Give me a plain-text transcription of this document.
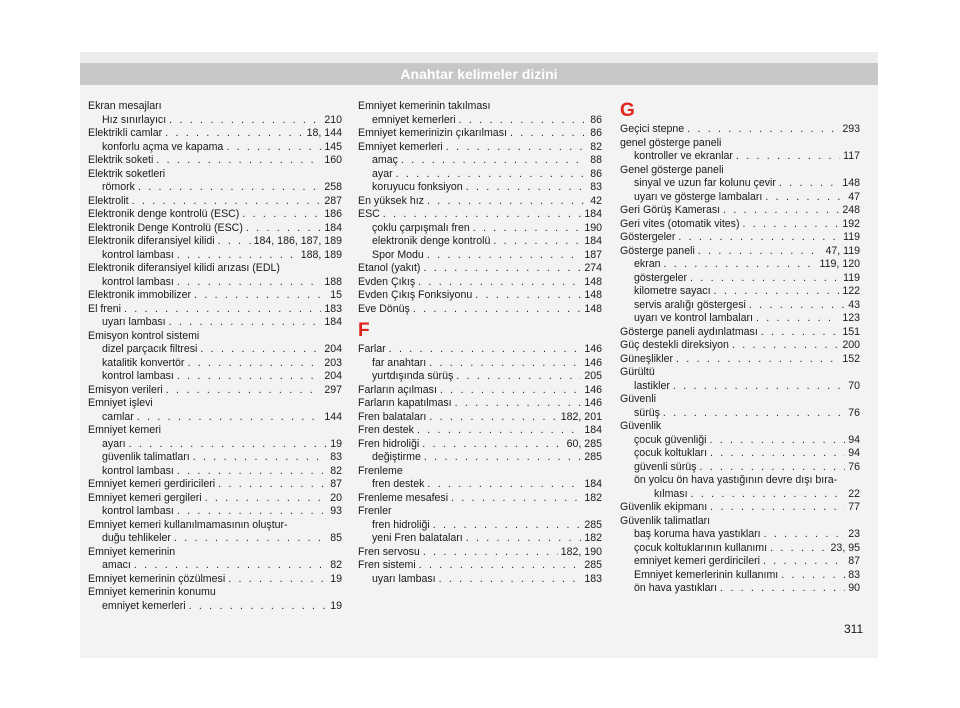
Anahtar kelimeler dizini
Ekran mesajları
Hız sınırlayıcı . . .	210
Elektrikli camlar . . .	18, 144
konforlu açma ve kapama . . .	145
Elektrik soketi . . .	160
Elektrik soketleri
römork . . .	258
Elektrolit . . .	287
Elektronik denge kontrolü (ESC) . . .	186
Elektronik Denge Kontrolü (ESC) . . .	184
Elektronik diferansiyel kilidi . . .	184, 186, 187, 189
kontrol lambası . . .	188, 189
Elektronik diferansiyel kilidi arızası (EDL)
kontrol lambası . . .	188
Elektronik immobilizer . . .	15
El freni . . .	183
uyarı lambası . . .	184
Emisyon kontrol sistemi
dizel parçacık filtresi . . .	204
katalitik konvertör . . .	203
kontrol lambası . . .	204
Emisyon verileri . . .	297
Emniyet işlevi
camlar . . .	144
Emniyet kemeri
ayarı . . .	19
güvenlik talimatları . . .	83
kontrol lambası . . .	82
Emniyet kemeri gerdiricileri . . .	87
Emniyet kemeri gergileri . . .	20
kontrol lambası . . .	93
Emniyet kemeri kullanılmamasının oluştur-
duğu tehlikeler . . .	85
Emniyet kemerinin
amacı . . .	82
Emniyet kemerinin çözülmesi . . .	19
Emniyet kemerinin konumu
emniyet kemerleri . . .	19
Emniyet kemerinin takılması
emniyet kemerleri . . .	86
Emniyet kemerinizin çıkarılması . . .	86
Emniyet kemerleri . . .	82
amaç . . .	88
ayar . . .	86
koruyucu fonksiyon . . .	83
En yüksek hız . . .	42
ESC . . .	184
çoklu çarpışmalı fren . . .	190
elektronik denge kontrolü . . .	184
Spor Modu . . .	187
Etanol (yakıt) . . .	274
Evden Çıkış . . .	148
Evden Çıkış Fonksiyonu . . .	148
Eve Dönüş . . .	148
F
Farlar . . .	146
far anahtarı . . .	146
yurtdışında sürüş . . .	205
Farların açılması . . .	146
Farların kapatılması . . .	146
Fren balataları . . .	182, 201
Fren destek . . .	184
Fren hidroliği . . .	60, 285
değiştirme . . .	285
Frenleme
fren destek . . .	184
Frenleme mesafesi . . .	182
Frenler
fren hidroliği . . .	285
yeni Fren balataları . . .	182
Fren servosu . . .	182, 190
Fren sistemi . . .	285
uyarı lambası . . .	183
G
Geçici stepne . . .	293
genel gösterge paneli
kontroller ve ekranlar . . .	117
Genel gösterge paneli
sinyal ve uzun far kolunu çevir . . .	148
uyarı ve gösterge lambaları . . .	47
Geri Görüş Kamerası . . .	248
Geri vites (otomatik vites) . . .	192
Göstergeler . . .	119
Gösterge paneli . . .	47, 119
ekran . . .	119, 120
göstergeler . . .	119
kilometre sayacı . . .	122
servis aralığı göstergesi . . .	43
uyarı ve kontrol lambaları . . .	123
Gösterge paneli aydınlatması . . .	151
Güç destekli direksiyon . . .	200
Güneşlikler . . .	152
Gürültü
lastikler . . .	70
Güvenli
sürüş . . .	76
Güvenlik
çocuk güvenliği . . .	94
çocuk koltukları . . .	94
güvenli sürüş . . .	76
ön yolcu ön hava yastığının devre dışı bıra-
kılması . . .	22
Güvenlik ekipmanı . . .	77
Güvenlik talimatları
baş koruma hava yastıkları . . .	23
çocuk koltuklarının kullanımı . . .	23, 95
emniyet kemeri gerdiricileri . . .	87
Emniyet kemerlerinin kullanımı . . .	83
ön hava yastıkları . . .	90
311
